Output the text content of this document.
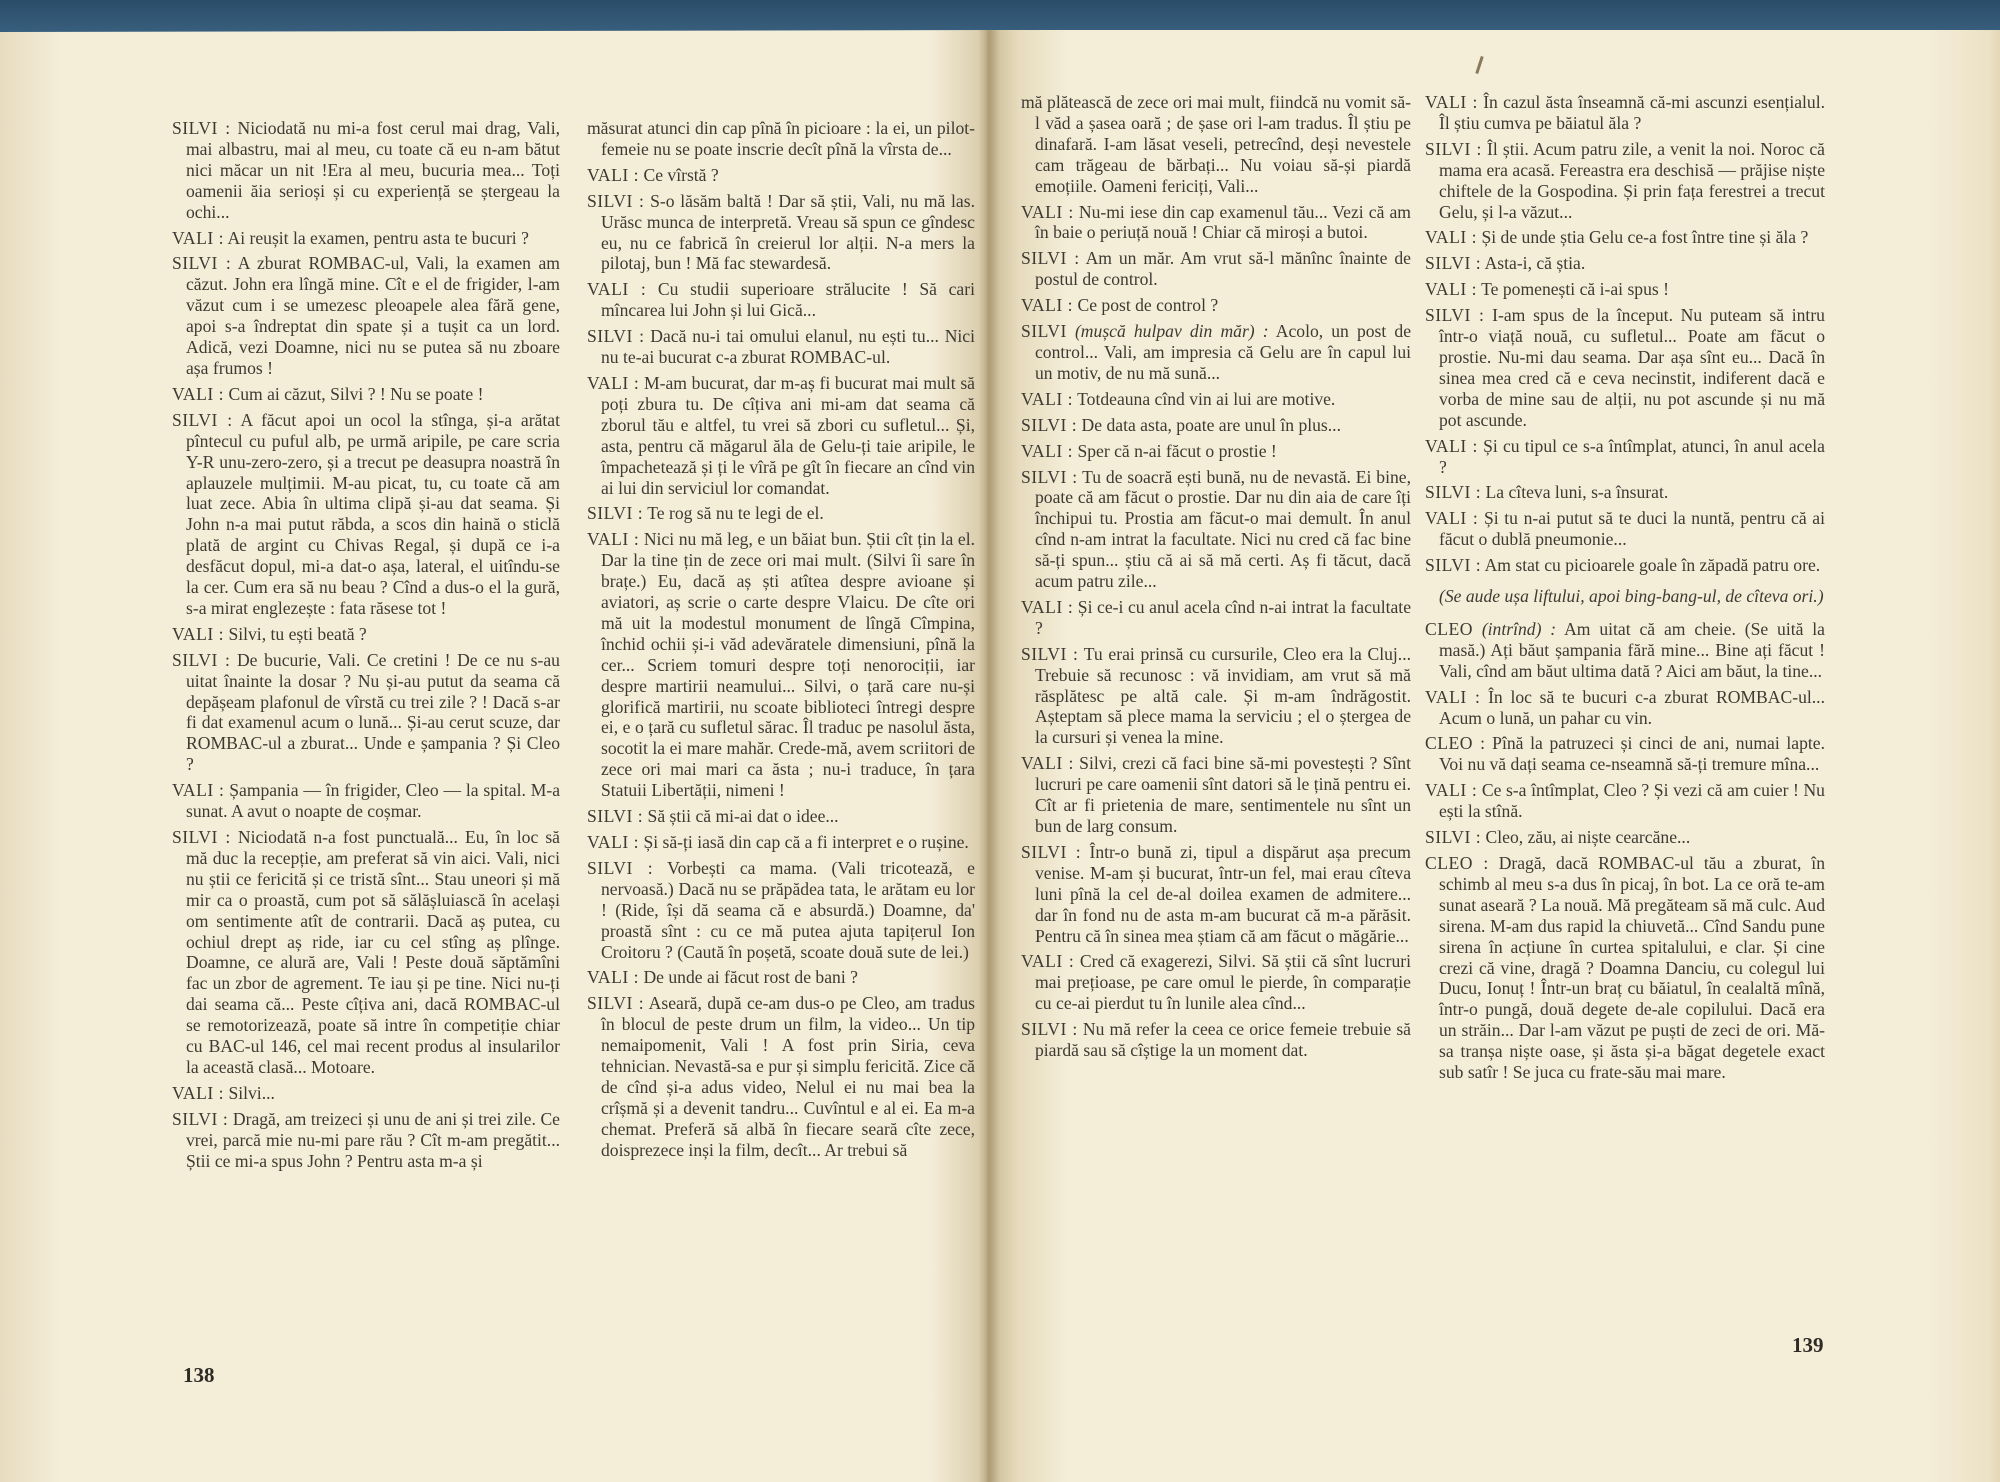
SILVI : Niciodată nu mi-a fost cerul mai drag, Vali, mai albastru, mai al meu, cu toate că eu n-am bătut nici măcar un nit !Era al meu, bucuria mea... Toți oamenii ăia serioși și cu experiență se ștergeau la ochi...

VALI : Ai reușit la examen, pentru asta te bucuri ?

SILVI : A zburat ROMBAC-ul, Vali, la examen am căzut. John era lîngă mine. Cît e el de frigider, l-am văzut cum i se umezesc pleoapele alea fără gene, apoi s-a îndreptat din spate și a tușit ca un lord. Adică, vezi Doamne, nici nu se putea să nu zboare așa frumos !

VALI : Cum ai căzut, Silvi ? ! Nu se poate !

SILVI : A făcut apoi un ocol la stînga, și-a arătat pîntecul cu puful alb, pe urmă aripile, pe care scria Y-R unu-zero-zero, și a trecut pe deasupra noastră în aplauzele mulțimii. M-au picat, tu, cu toate că am luat zece. Abia în ultima clipă și-au dat seama. Și John n-a mai putut răbda, a scos din haină o sticlă plată de argint cu Chivas Regal, și după ce i-a desfăcut dopul, mi-a dat-o așa, lateral, el uitîndu-se la cer. Cum era să nu beau ? Cînd a dus-o el la gură, s-a mirat englezește : fata răsese tot !

VALI : Silvi, tu ești beată ?

SILVI : De bucurie, Vali. Ce cretini ! De ce nu s-au uitat înainte la dosar ? Nu și-au putut da seama că depășeam plafonul de vîrstă cu trei zile ? ! Dacă s-ar fi dat examenul acum o lună... Și-au cerut scuze, dar ROMBAC-ul a zburat... Unde e șampania ? Și Cleo ?

VALI : Șampania — în frigider, Cleo — la spital. M-a sunat. A avut o noapte de coșmar.

SILVI : Niciodată n-a fost punctuală... Eu, în loc să mă duc la recepție, am preferat să vin aici. Vali, nici nu știi ce fericită și ce tristă sînt... Stau uneori și mă mir ca o proastă, cum pot să sălășluiască în același om sentimente atît de contrarii. Dacă aș putea, cu ochiul drept aș ride, iar cu cel stîng aș plînge. Doamne, ce alură are, Vali ! Peste două săptămîni fac un zbor de agrement. Te iau și pe tine. Nici nu-ți dai seama că... Peste cîțiva ani, dacă ROMBAC-ul se remotorizează, poate să intre în competiție chiar cu BAC-ul 146, cel mai recent produs al insularilor la această clasă... Motoare.

VALI : Silvi...

SILVI : Dragă, am treizeci și unu de ani și trei zile. Ce vrei, parcă mie nu-mi pare rău ? Cît m-am pregătit... Știi ce mi-a spus John ? Pentru asta m-a și

măsurat atunci din cap pînă în picioare : la ei, un pilot-femeie nu se poate inscrie decît pînă la vîrsta de...

VALI : Ce vîrstă ?

SILVI : S-o lăsăm baltă ! Dar să știi, Vali, nu mă las. Urăsc munca de interpretă. Vreau să spun ce gîndesc eu, nu ce fabrică în creierul lor alții. N-a mers la pilotaj, bun ! Mă fac stewardesă.

VALI : Cu studii superioare strălucite ! Să cari mîncarea lui John și lui Gică...

SILVI : Dacă nu-i tai omului elanul, nu ești tu... Nici nu te-ai bucurat c-a zburat ROMBAC-ul.

VALI : M-am bucurat, dar m-aș fi bucurat mai mult să poți zbura tu. De cîțiva ani mi-am dat seama că zborul tău e altfel, tu vrei să zbori cu sufletul... Și, asta, pentru că măgarul ăla de Gelu-ți taie aripile, le împachetează și ți le vîră pe gît în fiecare an cînd vin ai lui din serviciul lor comandat.

SILVI : Te rog să nu te legi de el.

VALI : Nici nu mă leg, e un băiat bun. Știi cît țin la el. Dar la tine țin de zece ori mai mult. (Silvi îi sare în brațe.) Eu, dacă aș ști atîtea despre avioane și aviatori, aș scrie o carte despre Vlaicu. De cîte ori mă uit la modestul monument de lîngă Cîmpina, închid ochii și-i văd adevăratele dimensiuni, pînă la cer... Scriem tomuri despre toți nenorociții, iar despre martirii neamului... Silvi, o țară care nu-și glorifică martirii, nu scoate biblioteci întregi despre ei, e o țară cu sufletul sărac. Îl traduc pe nasolul ăsta, socotit la ei mare mahăr. Crede-mă, avem scriitori de zece ori mai mari ca ăsta ; nu-i traduce, în țara Statuii Libertății, nimeni !

SILVI : Să știi că mi-ai dat o idee...

VALI : Și să-ți iasă din cap că a fi interpret e o rușine.

SILVI : Vorbești ca mama. (Vali tricotează, e nervoasă.) Dacă nu se prăpădea tata, le arătam eu lor ! (Ride, își dă seama că e absurdă.) Doamne, da' proastă sînt : cu ce mă putea ajuta tapițerul Ion Croitoru ? (Caută în poșetă, scoate două sute de lei.)

VALI : De unde ai făcut rost de bani ?

SILVI : Aseară, după ce-am dus-o pe Cleo, am tradus în blocul de peste drum un film, la video... Un tip nemaipomenit, Vali ! A fost prin Siria, ceva tehnician. Nevastă-sa e pur și simplu fericită. Zice că de cînd și-a adus video, Nelul ei nu mai bea la crîșmă și a devenit tandru... Cuvîntul e al ei. Ea m-a chemat. Preferă să albă în fiecare seară cîte zece, doisprezece inși la film, decît... Ar trebui să

mă plătească de zece ori mai mult, fiindcă nu vomit să-l văd a șasea oară ; de șase ori l-am tradus. Îl știu pe dinafară. I-am lăsat veseli, petrecînd, deși nevestele cam trăgeau de bărbați... Nu voiau să-și piardă emoțiile. Oameni fericiți, Vali...

VALI : Nu-mi iese din cap examenul tău... Vezi că am în baie o periuță nouă ! Chiar că miroși a butoi.

SILVI : Am un măr. Am vrut să-l mănînc înainte de postul de control.

VALI : Ce post de control ?

SILVI (mușcă hulpav din măr) : Acolo, un post de control... Vali, am impresia că Gelu are în capul lui un motiv, de nu mă sună...

VALI : Totdeauna cînd vin ai lui are motive.

SILVI : De data asta, poate are unul în plus...

VALI : Sper că n-ai făcut o prostie !

SILVI : Tu de soacră ești bună, nu de nevastă. Ei bine, poate că am făcut o prostie. Dar nu din aia de care îți închipui tu. Prostia am făcut-o mai demult. În anul cînd n-am intrat la facultate. Nici nu cred că fac bine să-ți spun... știu că ai să mă certi. Aș fi tăcut, dacă acum patru zile...

VALI : Și ce-i cu anul acela cînd n-ai intrat la facultate ?

SILVI : Tu erai prinsă cu cursurile, Cleo era la Cluj... Trebuie să recunosc : vă invidiam, am vrut să mă răsplătesc pe altă cale. Și m-am îndrăgostit. Așteptam să plece mama la serviciu ; el o ștergea de la cursuri și venea la mine.

VALI : Silvi, crezi că faci bine să-mi povestești ? Sînt lucruri pe care oamenii sînt datori să le țină pentru ei. Cît ar fi prietenia de mare, sentimentele nu sînt un bun de larg consum.

SILVI : Într-o bună zi, tipul a dispărut așa precum venise. M-am și bucurat, într-un fel, mai erau cîteva luni pînă la cel de-al doilea examen de admitere... dar în fond nu de asta m-am bucurat că m-a părăsit. Pentru că în sinea mea știam că am făcut o măgărie...

VALI : Cred că exagerezi, Silvi. Să știi că sînt lucruri mai prețioase, pe care omul le pierde, în comparație cu ce-ai pierdut tu în lunile alea cînd...

SILVI : Nu mă refer la ceea ce orice femeie trebuie să piardă sau să cîștige la un moment dat.

VALI : În cazul ăsta înseamnă că-mi ascunzi esențialul. Îl știu cumva pe băiatul ăla ?

SILVI : Îl știi. Acum patru zile, a venit la noi. Noroc că mama era acasă. Fereastra era deschisă — prăjise niște chiftele de la Gospodina. Și prin fața ferestrei a trecut Gelu, și l-a văzut...

VALI : Și de unde știa Gelu ce-a fost între tine și ăla ?

SILVI : Asta-i, că știa.

VALI : Te pomenești că i-ai spus !

SILVI : I-am spus de la început. Nu puteam să intru într-o viață nouă, cu sufletul... Poate am făcut o prostie. Nu-mi dau seama. Dar așa sînt eu... Dacă în sinea mea cred că e ceva necinstit, indiferent dacă e vorba de mine sau de alții, nu pot ascunde și nu mă pot ascunde.

VALI : Și cu tipul ce s-a întîmplat, atunci, în anul acela ?

SILVI : La cîteva luni, s-a însurat.

VALI : Și tu n-ai putut să te duci la nuntă, pentru că ai făcut o dublă pneumonie...

SILVI : Am stat cu picioarele goale în zăpadă patru ore.

(Se aude ușa liftului, apoi bing-bang-ul, de cîteva ori.)

CLEO (intrînd) : Am uitat că am cheie. (Se uită la masă.) Ați băut șampania fără mine... Bine ați făcut ! Vali, cînd am băut ultima dată ? Aici am băut, la tine...

VALI : În loc să te bucuri c-a zburat ROMBAC-ul... Acum o lună, un pahar cu vin.

CLEO : Pînă la patruzeci și cinci de ani, numai lapte. Voi nu vă dați seama ce-nseamnă să-ți tremure mîna...

VALI : Ce s-a întîmplat, Cleo ? Și vezi că am cuier ! Nu ești la stînă.

SILVI : Cleo, zău, ai niște cearcăne...

CLEO : Dragă, dacă ROMBAC-ul tău a zburat, în schimb al meu s-a dus în picaj, în bot. La ce oră te-am sunat aseară ? La nouă. Mă pregăteam să mă culc. Aud sirena. M-am dus rapid la chiuvetă... Cînd Sandu pune sirena în acțiune în curtea spitalului, e clar. Și cine crezi că vine, dragă ? Doamna Danciu, cu colegul lui Ducu, Ionuț ! Într-un braț cu băiatul, în cealaltă mînă, într-o pungă, două degete de-ale copilului. Dacă era un străin... Dar l-am văzut pe puști de zeci de ori. Mă-sa tranșa niște oase, și ăsta și-a băgat degetele exact sub satîr ! Se juca cu frate-său mai mare.

138
139
